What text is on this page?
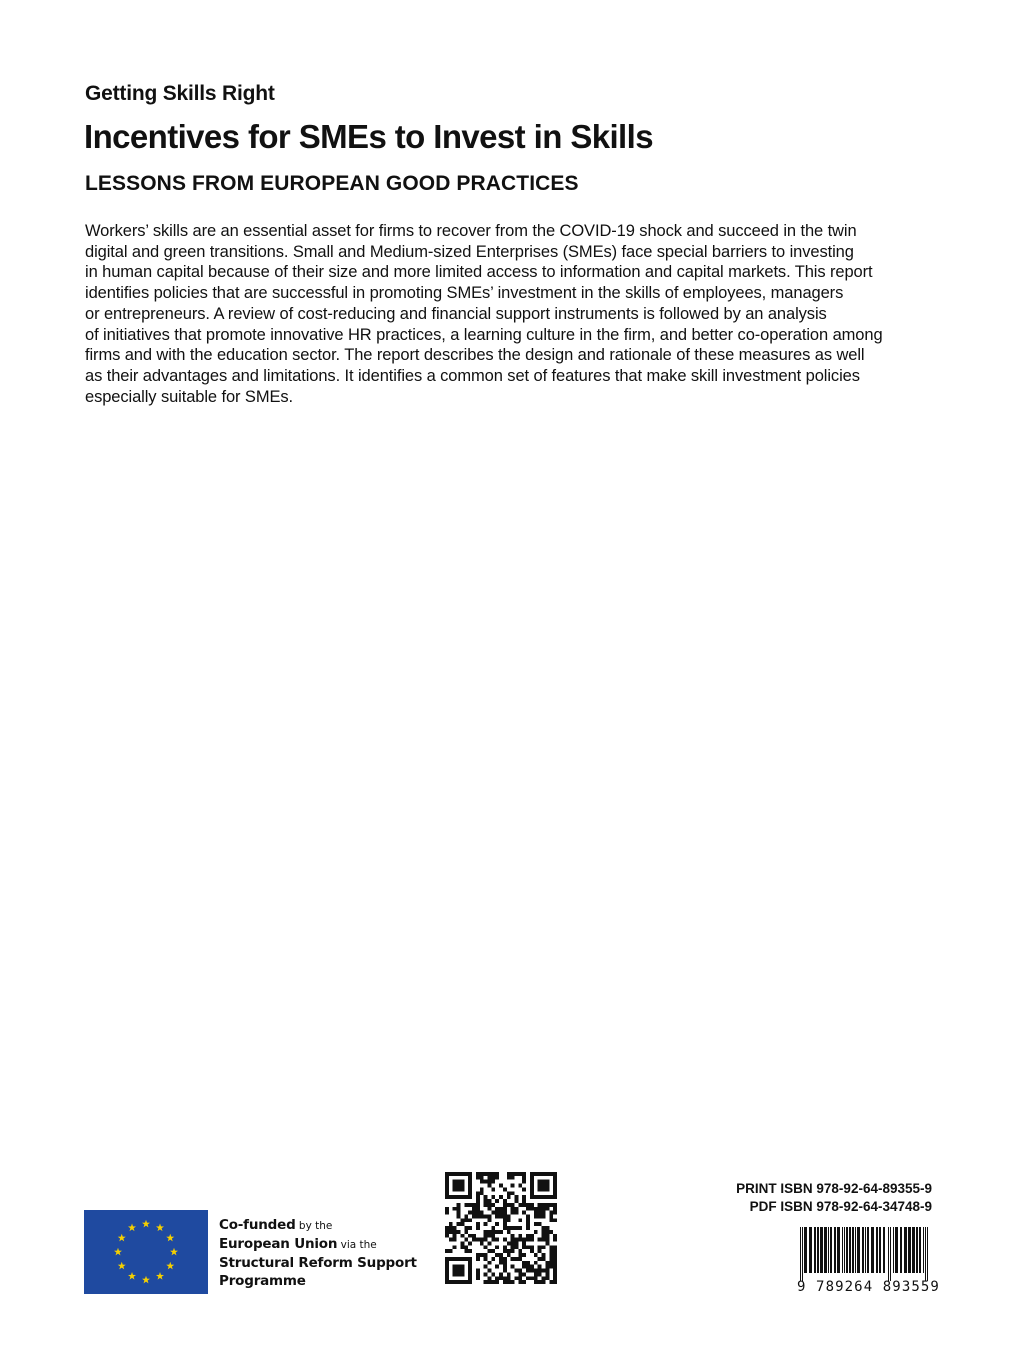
Getting Skills Right
Incentives for SMEs to Invest in Skills
LESSONS FROM EUROPEAN GOOD PRACTICES
Workers’ skills are an essential asset for firms to recover from the COVID-19 shock and succeed in the twin
digital and green transitions. Small and Medium-sized Enterprises (SMEs) face special barriers to investing
in human capital because of their size and more limited access to information and capital markets. This report
identifies policies that are successful in promoting SMEs’ investment in the skills of employees, managers
or entrepreneurs. A review of cost-reducing and financial support instruments is followed by an analysis
of initiatives that promote innovative HR practices, a learning culture in the firm, and better co-operation among
firms and with the education sector. The report describes the design and rationale of these measures as well
as their advantages and limitations. It identifies a common set of features that make skill investment policies
especially suitable for SMEs.
Co-funded by the
European Union via the
Structural Reform Support
Programme
PRINT ISBN 978-92-64-89355-9
PDF ISBN 978-92-64-34748-9
9 789264 893559
